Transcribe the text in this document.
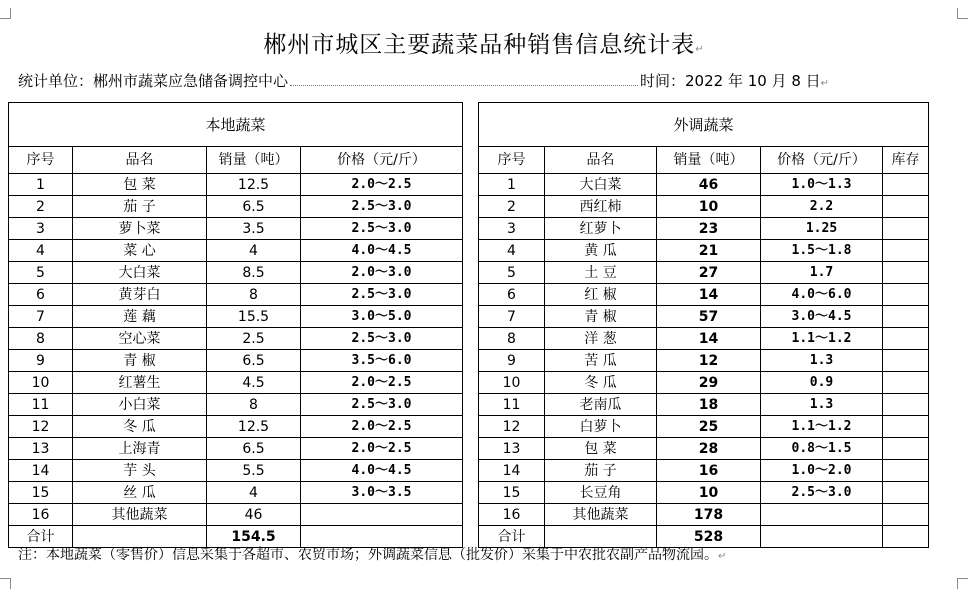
郴州市城区主要蔬菜品种销售信息统计表↵
统计单位：郴州市蔬菜应急储备调控中心	时间：2022 年 10 月 8 日↵
本地蔬菜					外调蔬菜				
序号	品名	销量（吨）	价格（元/斤）		序号	品名	销量（吨）	价格（元/斤）	库存
1	包 菜	12.5	2.0～2.5		1	大白菜	46	1.0～1.3	
2	茄 子	6.5	2.5～3.0		2	西红柿	10	2.2	
3	萝卜菜	3.5	2.5～3.0		3	红萝卜	23	1.25	
4	菜 心	4	4.0～4.5		4	黄 瓜	21	1.5～1.8	
5	大白菜	8.5	2.0～3.0		5	土 豆	27	1.7	
6	黄芽白	8	2.5～3.0		6	红 椒	14	4.0～6.0	
7	莲 藕	15.5	3.0～5.0		7	青 椒	57	3.0～4.5	
8	空心菜	2.5	2.5～3.0		8	洋 葱	14	1.1～1.2	
9	青 椒	6.5	3.5～6.0		9	苦 瓜	12	1.3	
10	红薯生	4.5	2.0～2.5		10	冬 瓜	29	0.9	
11	小白菜	8	2.5～3.0		11	老南瓜	18	1.3	
12	冬 瓜	12.5	2.0～2.5		12	白萝卜	25	1.1～1.2	
13	上海青	6.5	2.0～2.5		13	包 菜	28	0.8～1.5	
14	芋 头	5.5	4.0～4.5		14	茄 子	16	1.0～2.0	
15	丝 瓜	4	3.0～3.5		15	长豆角	10	2.5～3.0	
16	其他蔬菜	46			16	其他蔬菜	178		
合计		154.5			合计		528		
注：本地蔬菜（零售价）信息采集于各超市、农贸市场；外调蔬菜信息（批发价）采集于中农批农副产品物流园。↵
